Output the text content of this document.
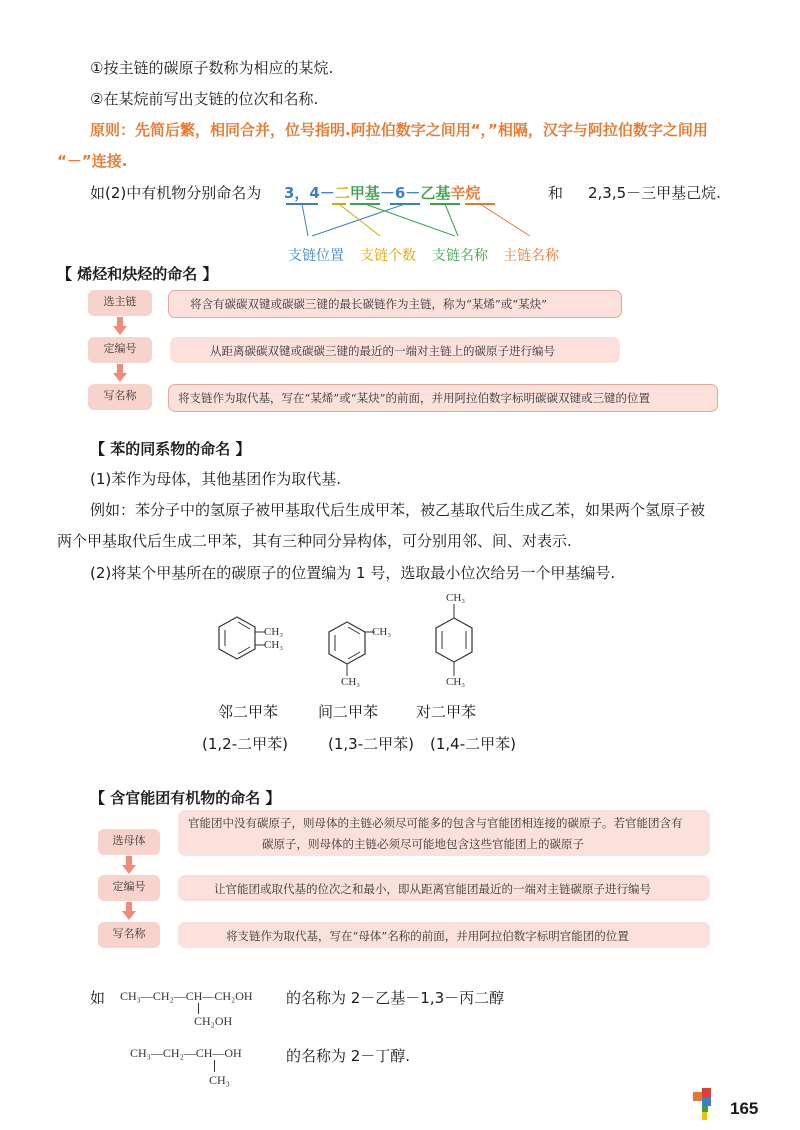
①按主链的碳原子数称为相应的某烷.
②在某烷前写出支链的位次和名称.
原则：先简后繁，相同合并，位号指明.阿拉伯数字之间用“，”相隔，汉字与阿拉伯数字之间用
“－”连接.
如(2)中有机物分别命名为 3，4－二甲基－6－乙基辛烷	和 2,3,5－三甲基己烷.
支链位置 支链个数 支链名称 主链名称
【 烯烃和炔烃的命名 】
选主链	将含有碳碳双键或碳碳三键的最长碳链作为主链，称为“某烯”或“某炔”
定编号	从距离碳碳双键或碳碳三键的最近的一端对主链上的碳原子进行编号
写名称	将支链作为取代基，写在“某烯”或“某炔”的前面，并用阿拉伯数字标明碳碳双键或三键的位置
【 苯的同系物的命名 】
(1)苯作为母体，其他基团作为取代基.
例如：苯分子中的氢原子被甲基取代后生成甲苯，被乙基取代后生成乙苯，如果两个氢原子被
两个甲基取代后生成二甲苯，其有三种同分异构体，可分别用邻、间、对表示.
(2)将某个甲基所在的碳原子的位置编为 1 号，选取最小位次给另一个甲基编号.
CH₃
CH₃
CH₃
CH₃
CH₃
CH₃
邻二甲苯	间二甲苯	对二甲苯
(1,2-二甲苯)	(1,3-二甲苯) (1,4-二甲苯)
【 含官能团有机物的命名 】
选母体
官能团中没有碳原子，则母体的主链必须尽可能多的包含与官能团相连接的碳原子。若官能团含有
碳原子，则母体的主链必须尽可能地包含这些官能团上的碳原子
定编号	让官能团或取代基的位次之和最小，即从距离官能团最近的一端对主链碳原子进行编号
写名称	将支链作为取代基，写在“母体”名称的前面，并用阿拉伯数字标明官能团的位置
如 CH₃—CH₂—CH—CH₂OH
CH₂OH
的名称为 2－乙基－1,3－丙二醇
CH₃—CH₂—CH—OH
CH₃
的名称为 2－丁醇.
165
